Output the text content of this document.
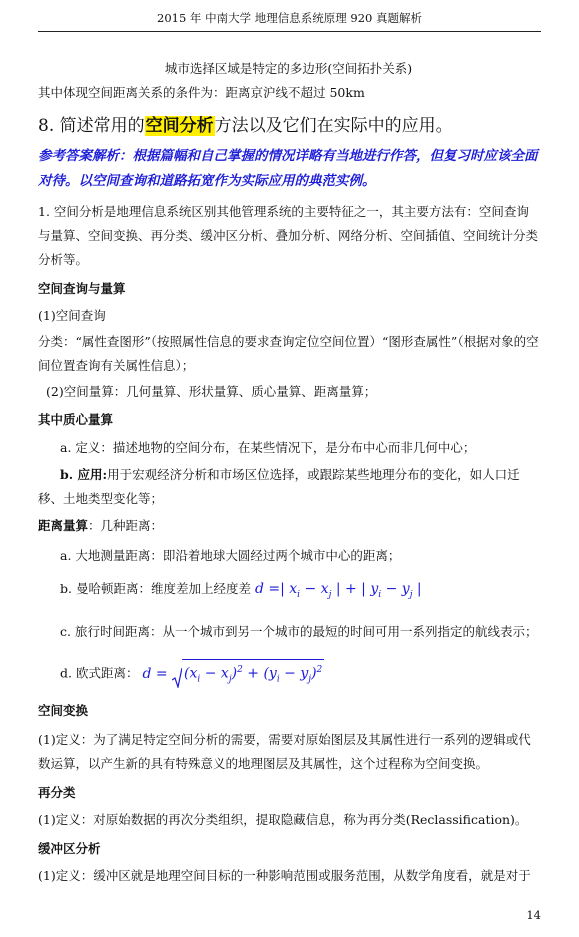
2015 年 中南大学 地理信息系统原理 920 真题解析

城市选择区域是特定的多边形(空间拓扑关系)

其中体现空间距离关系的条件为：距离京沪线不超过 50km

8. 简述常用的空间分析方法以及它们在实际中的应用。
参考答案解析：根据篇幅和自己掌握的情况详略有当地进行作答，但复习时应该全面对待。以空间查询和道路拓宽作为实际应用的典范实例。

1. 空间分析是地理信息系统区别其他管理系统的主要特征之一，其主要方法有：空间查询与量算、空间变换、再分类、缓冲区分析、叠加分析、网络分析、空间插值、空间统计分类分析等。

空间查询与量算

(1)空间查询

分类：“属性查图形”（按照属性信息的要求查询定位空间位置）“图形查属性”（根据对象的空间位置查询有关属性信息）；

(2)空间量算：几何量算、形状量算、质心量算、距离量算；

其中质心量算

a. 定义：描述地物的空间分布，在某些情况下，是分布中心而非几何中心；

b. 应用:用于宏观经济分析和市场区位选择，或跟踪某些地理分布的变化，如人口迁移、土地类型变化等；

距离量算：几种距离：

a. 大地测量距离：即沿着地球大圆经过两个城市中心的距离；

b. 曼哈顿距离：维度差加上经度差 d =| $x_i - x_j$ | + | $y_i - y_j$ |

c. 旅行时间距离：从一个城市到另一个城市的最短的时间可用一系列指定的航线表示；

d. 欧式距离： $d = (x_i - x_j)^2 + (y_i - y_j)^2$

空间变换

(1)定义：为了满足特定空间分析的需要，需要对原始图层及其属性进行一系列的逻辑或代数运算，以产生新的具有特殊意义的地理图层及其属性，这个过程称为空间变换。

再分类

(1)定义：对原始数据的再次分类组织，提取隐藏信息，称为再分类(Reclassification)。

缓冲区分析

(1)定义：缓冲区就是地理空间目标的一种影响范围或服务范围，从数学角度看，就是对于

14
